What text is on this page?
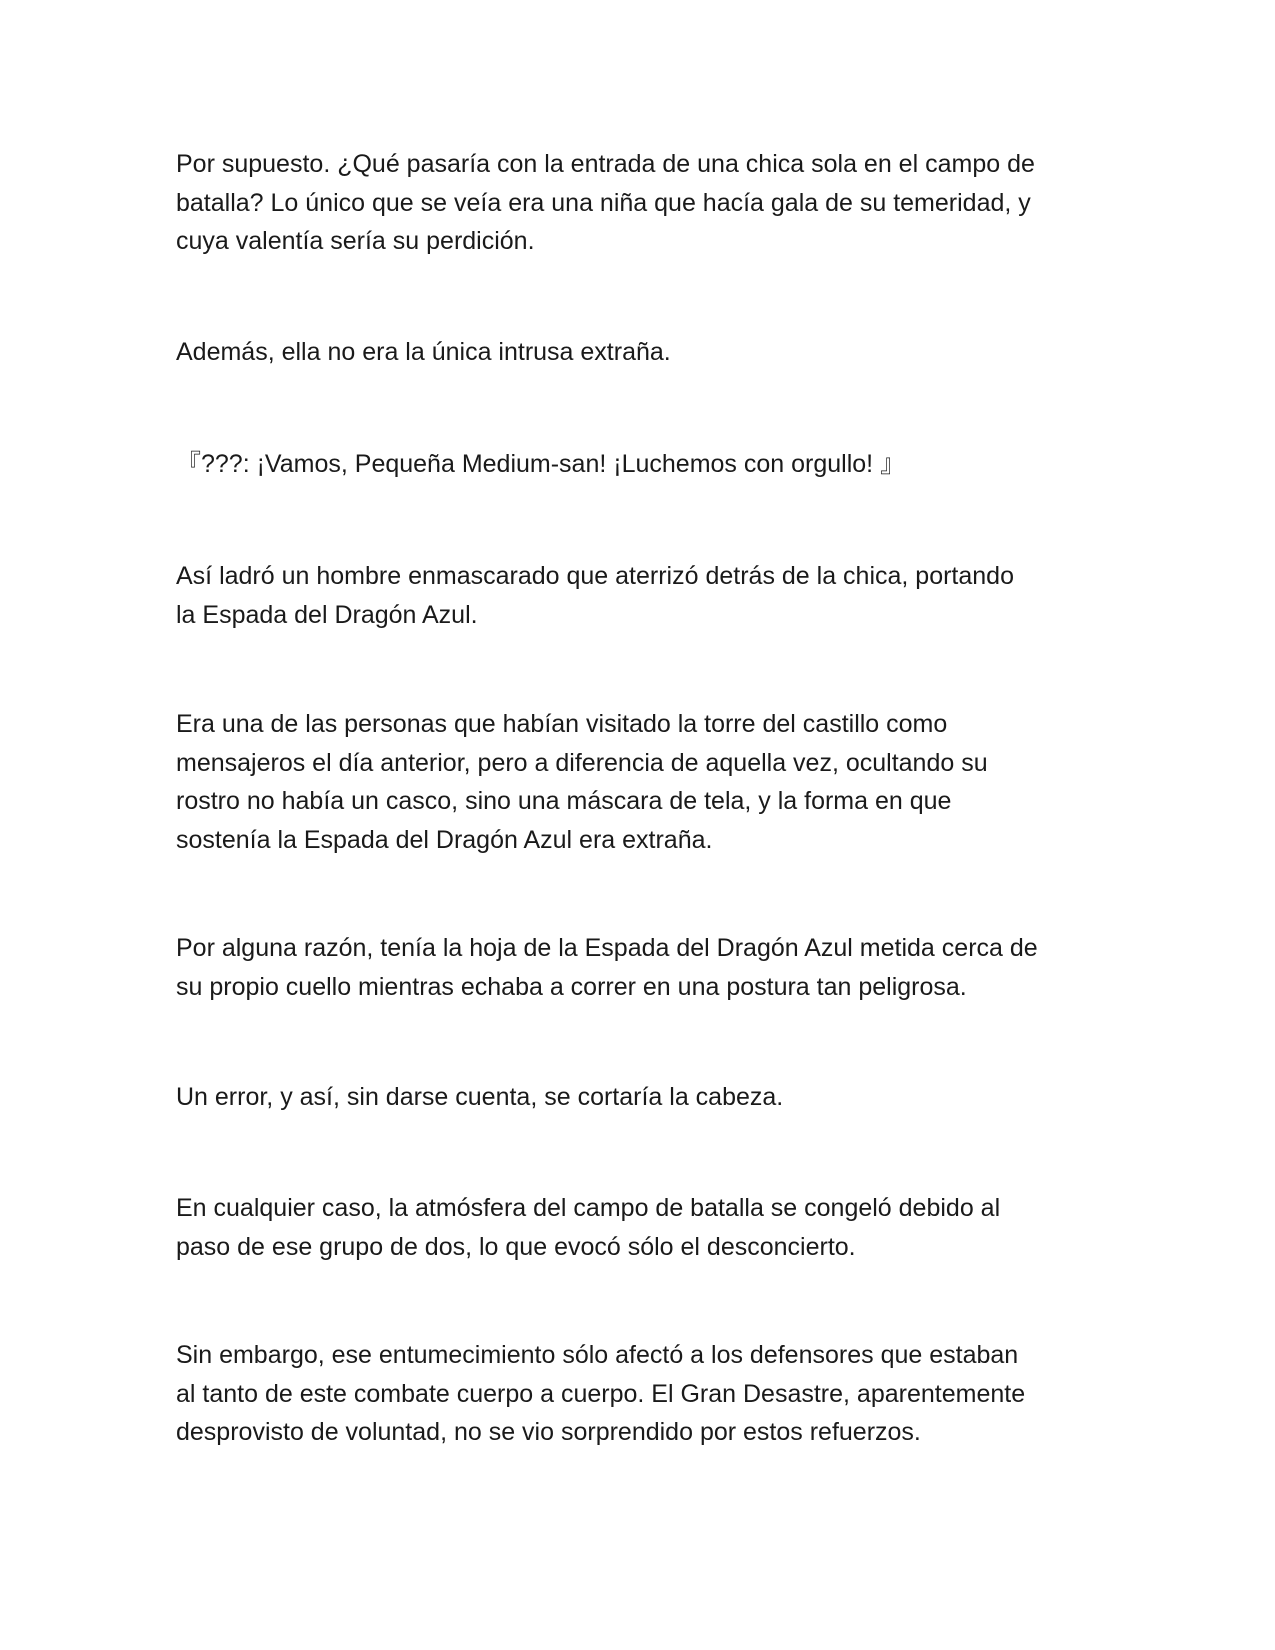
Por supuesto. ¿Qué pasaría con la entrada de una chica sola en el campo de
batalla? Lo único que se veía era una niña que hacía gala de su temeridad, y
cuya valentía sería su perdición.

Además, ella no era la única intrusa extraña.

『???: ¡Vamos, Pequeña Medium-san! ¡Luchemos con orgullo! 』

Así ladró un hombre enmascarado que aterrizó detrás de la chica, portando
la Espada del Dragón Azul.

Era una de las personas que habían visitado la torre del castillo como
mensajeros el día anterior, pero a diferencia de aquella vez, ocultando su
rostro no había un casco, sino una máscara de tela, y la forma en que
sostenía la Espada del Dragón Azul era extraña.

Por alguna razón, tenía la hoja de la Espada del Dragón Azul metida cerca de
su propio cuello mientras echaba a correr en una postura tan peligrosa.

Un error, y así, sin darse cuenta, se cortaría la cabeza.

En cualquier caso, la atmósfera del campo de batalla se congeló debido al
paso de ese grupo de dos, lo que evocó sólo el desconcierto.

Sin embargo, ese entumecimiento sólo afectó a los defensores que estaban
al tanto de este combate cuerpo a cuerpo. El Gran Desastre, aparentemente
desprovisto de voluntad, no se vio sorprendido por estos refuerzos.
